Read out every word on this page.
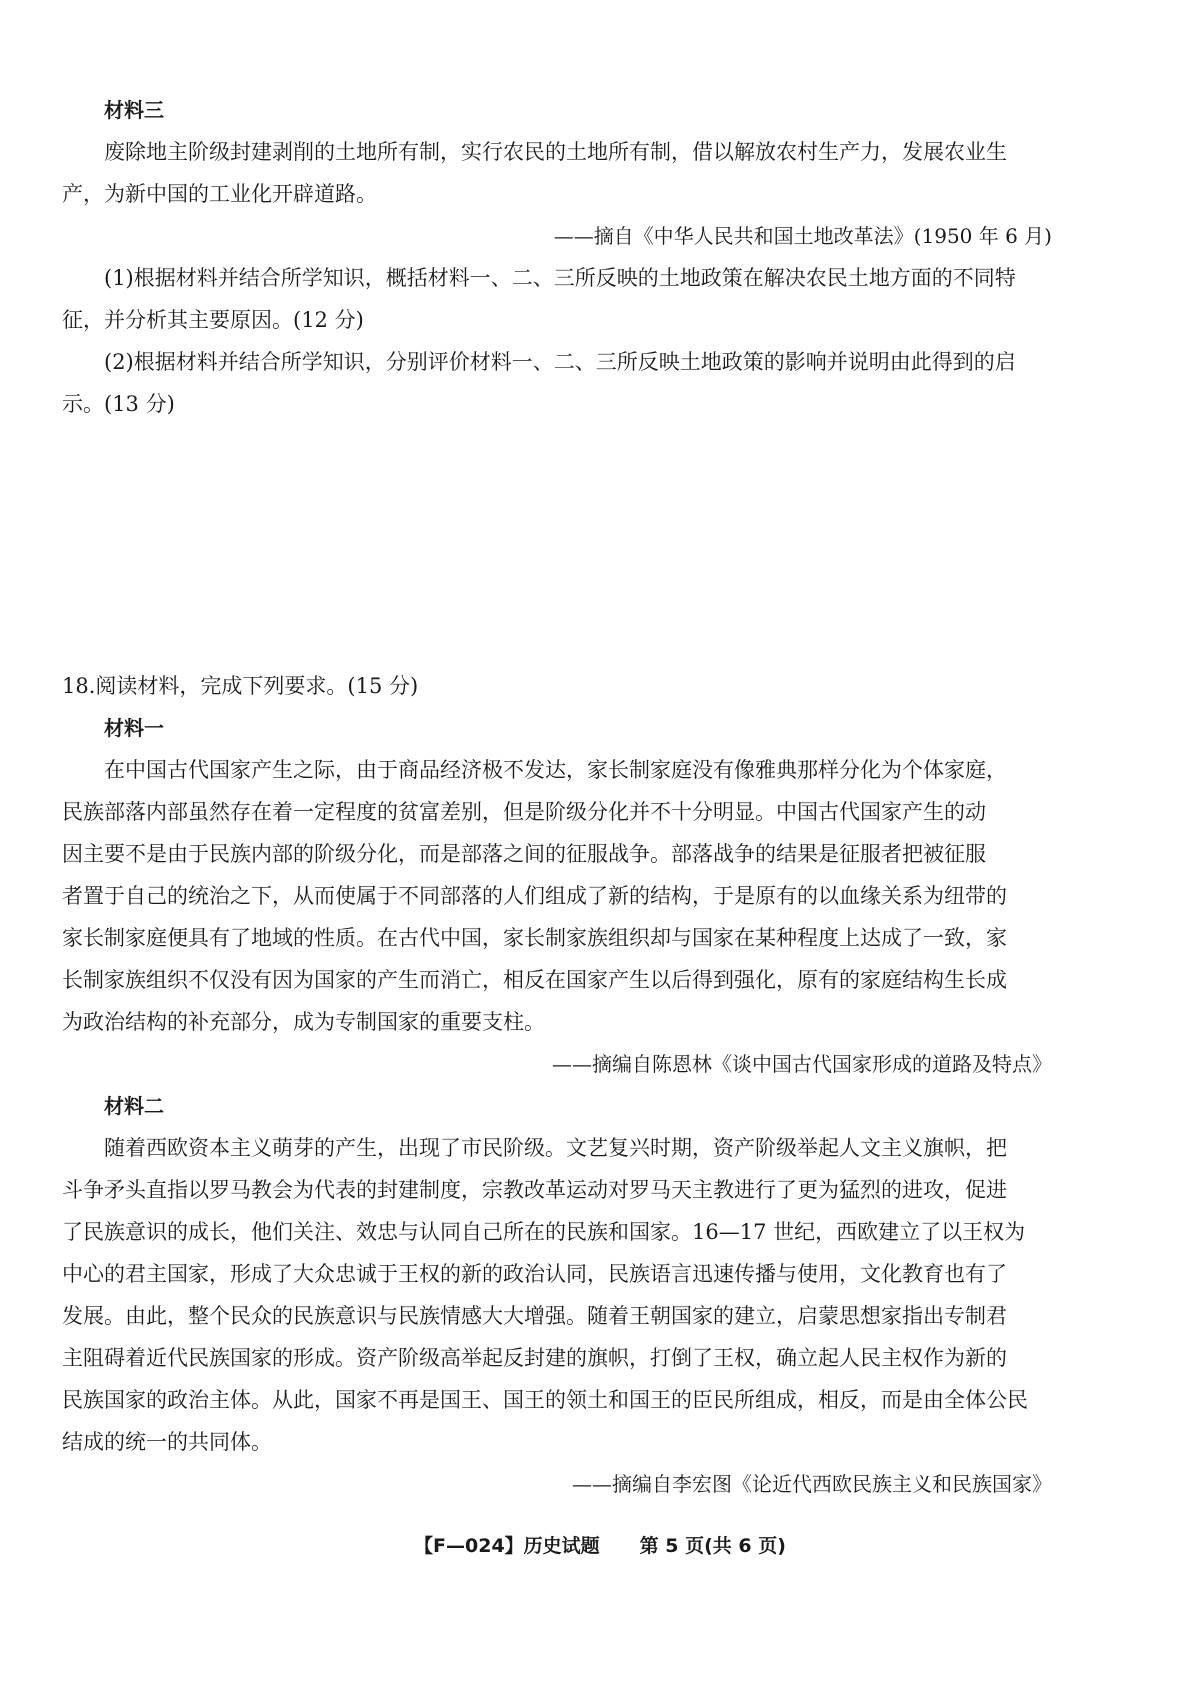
材料三
废除地主阶级封建剥削的土地所有制，实行农民的土地所有制，借以解放农村生产力，发展农业生
产，为新中国的工业化开辟道路。
——摘自《中华人民共和国土地改革法》(1950 年 6 月)
(1)根据材料并结合所学知识，概括材料一、二、三所反映的土地政策在解决农民土地方面的不同特
征，并分析其主要原因。(12 分)
(2)根据材料并结合所学知识，分别评价材料一、二、三所反映土地政策的影响并说明由此得到的启
示。(13 分)
18.阅读材料，完成下列要求。(15 分)
材料一
在中国古代国家产生之际，由于商品经济极不发达，家长制家庭没有像雅典那样分化为个体家庭，
民族部落内部虽然存在着一定程度的贫富差别，但是阶级分化并不十分明显。中国古代国家产生的动
因主要不是由于民族内部的阶级分化，而是部落之间的征服战争。部落战争的结果是征服者把被征服
者置于自己的统治之下，从而使属于不同部落的人们组成了新的结构，于是原有的以血缘关系为纽带的
家长制家庭便具有了地域的性质。在古代中国，家长制家族组织却与国家在某种程度上达成了一致，家
长制家族组织不仅没有因为国家的产生而消亡，相反在国家产生以后得到强化，原有的家庭结构生长成
为政治结构的补充部分，成为专制国家的重要支柱。
——摘编自陈恩林《谈中国古代国家形成的道路及特点》
材料二
随着西欧资本主义萌芽的产生，出现了市民阶级。文艺复兴时期，资产阶级举起人文主义旗帜，把
斗争矛头直指以罗马教会为代表的封建制度，宗教改革运动对罗马天主教进行了更为猛烈的进攻，促进
了民族意识的成长，他们关注、效忠与认同自己所在的民族和国家。16—17 世纪，西欧建立了以王权为
中心的君主国家，形成了大众忠诚于王权的新的政治认同，民族语言迅速传播与使用，文化教育也有了
发展。由此，整个民众的民族意识与民族情感大大增强。随着王朝国家的建立，启蒙思想家指出专制君
主阻碍着近代民族国家的形成。资产阶级高举起反封建的旗帜，打倒了王权，确立起人民主权作为新的
民族国家的政治主体。从此，国家不再是国王、国王的领土和国王的臣民所组成，相反，而是由全体公民
结成的统一的共同体。
——摘编自李宏图《论近代西欧民族主义和民族国家》
【F—024】历史试题 第 5 页(共 6 页)
